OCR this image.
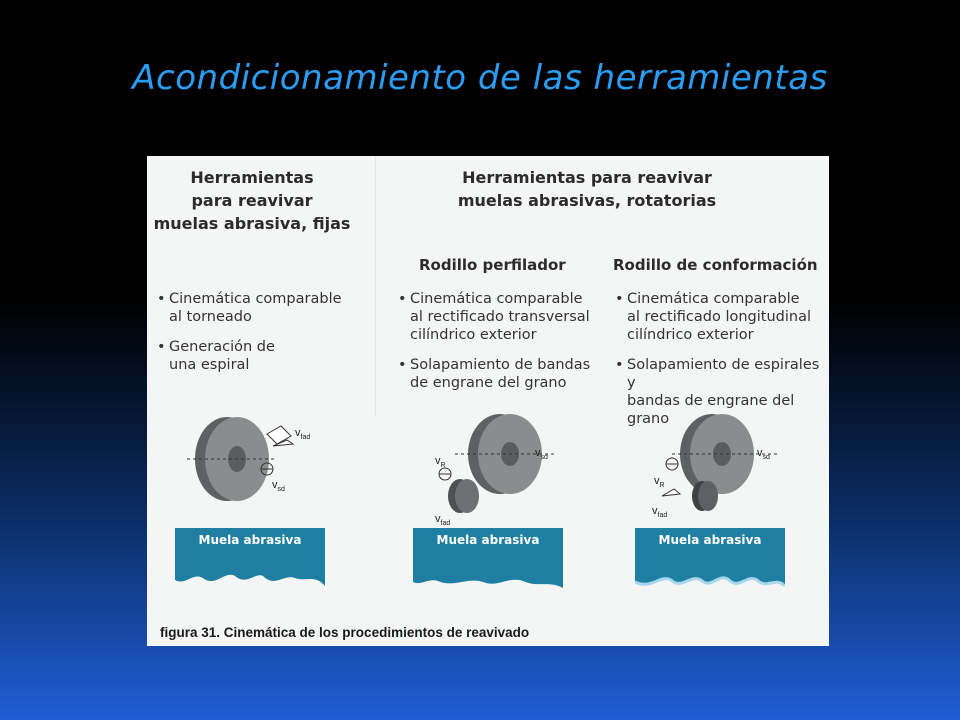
Acondicionamiento de las herramientas
Herramientas
para reavivar
muelas abrasiva, fijas
• Cinemática comparable
al torneado
• Generación de
una espiral
Herramientas para reavivar
muelas abrasivas, rotatorias
Rodillo perfilador
• Cinemática comparable
al rectificado transversal
cilíndrico exterior
• Solapamiento de bandas
de engrane del grano
Rodillo de conformación
• Cinemática comparable
al rectificado longitudinal
cilíndrico exterior
• Solapamiento de espirales y
bandas de engrane del grano
$v_{fad}$
$v_{sd}$
$v_{sd}$
$v_R$
$v_{fad}$
$v_{sd}$
$v_R$
$v_{fad}$
Muela abrasiva	Muela abrasiva	Muela abrasiva
figura 31. Cinemática de los procedimientos de reavivado
